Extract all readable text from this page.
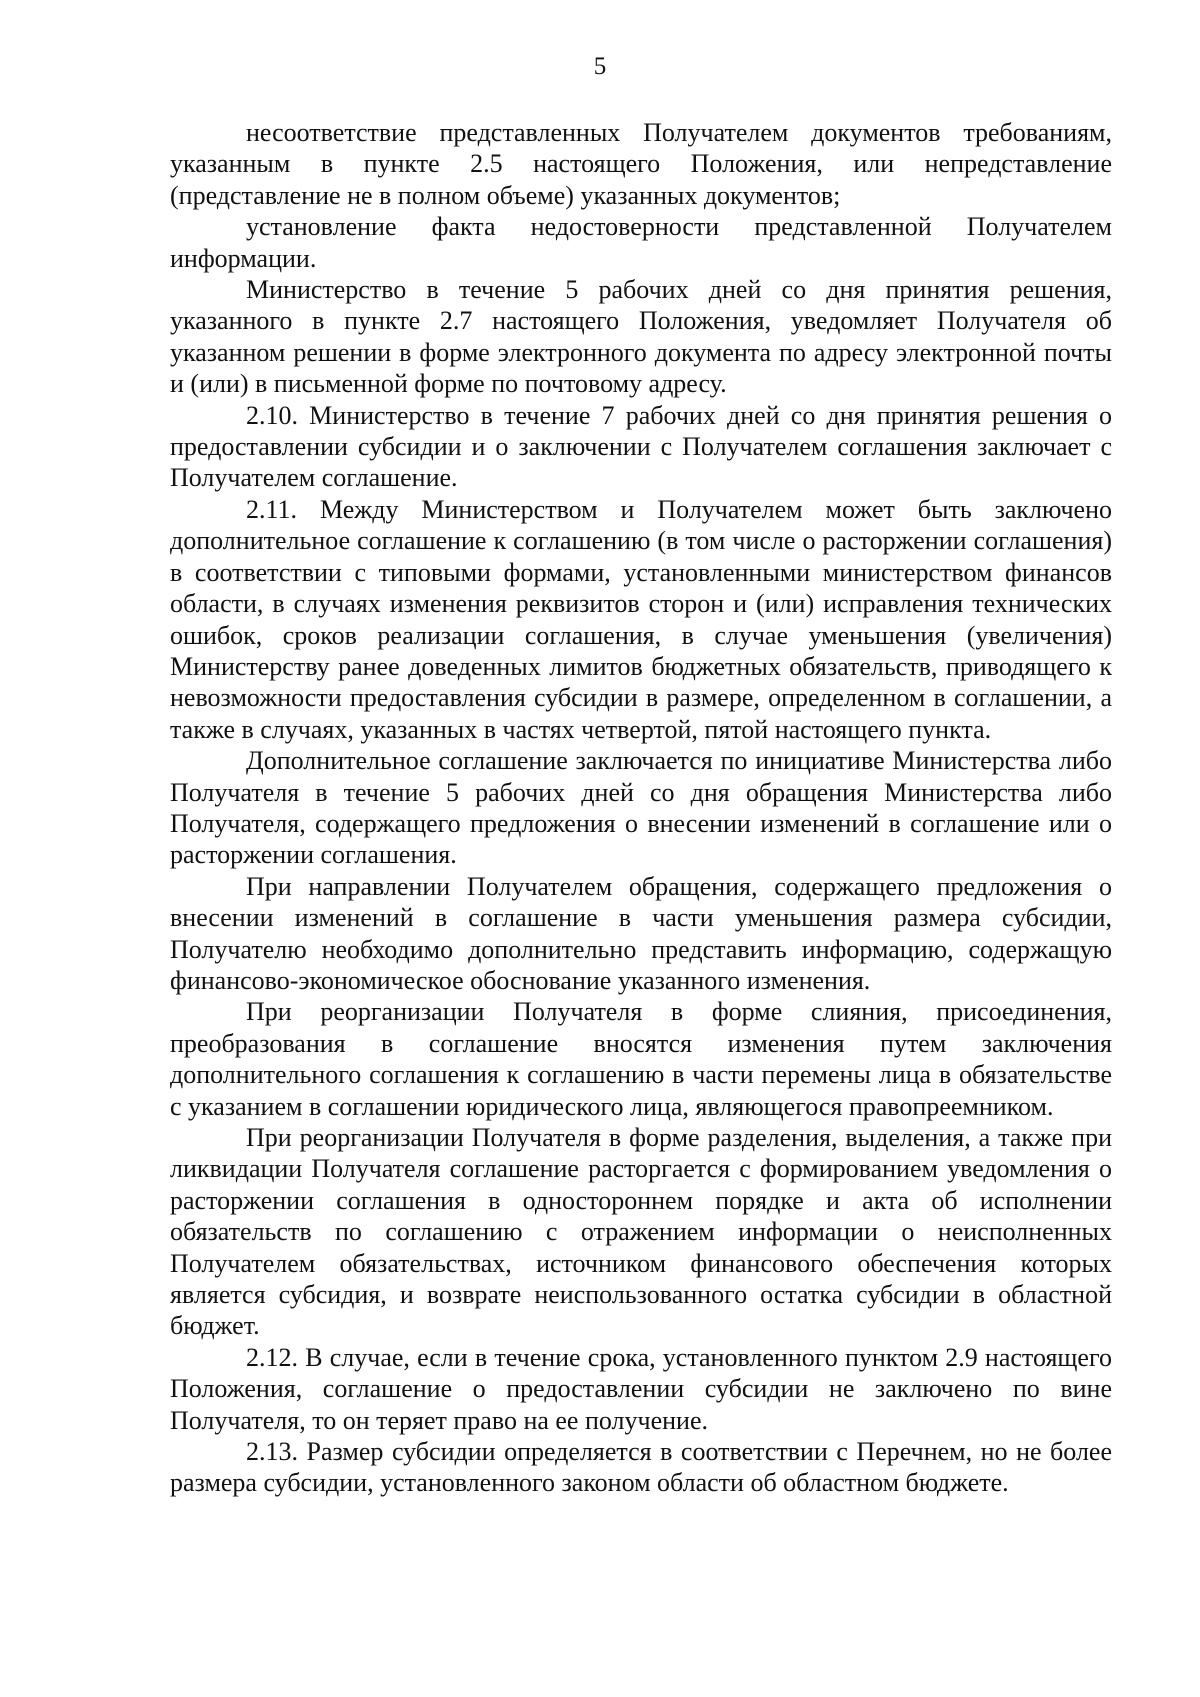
5

несоответствие представленных Получателем документов требованиям, указанным в пункте 2.5 настоящего Положения, или непредставление (представление не в полном объеме) указанных документов;

установление факта недостоверности представленной Получателем информации.

Министерство в течение 5 рабочих дней со дня принятия решения, указанного в пункте 2.7 настоящего Положения, уведомляет Получателя об указанном решении в форме электронного документа по адресу электронной почты и (или) в письменной форме по почтовому адресу.

2.10. Министерство в течение 7 рабочих дней со дня принятия решения о предоставлении субсидии и о заключении с Получателем соглашения заключает с Получателем соглашение.

2.11. Между Министерством и Получателем может быть заключено дополнительное соглашение к соглашению (в том числе о расторжении соглашения) в соответствии с типовыми формами, установленными министерством финансов области, в случаях изменения реквизитов сторон и (или) исправления технических ошибок, сроков реализации соглашения, в случае уменьшения (увеличения) Министерству ранее доведенных лимитов бюджетных обязательств, приводящего к невозможности предоставления субсидии в размере, определенном в соглашении, а также в случаях, указанных в частях четвертой, пятой настоящего пункта.

Дополнительное соглашение заключается по инициативе Министерства либо Получателя в течение 5 рабочих дней со дня обращения Министерства либо Получателя, содержащего предложения о внесении изменений в соглашение или о расторжении соглашения.

При направлении Получателем обращения, содержащего предложения о внесении изменений в соглашение в части уменьшения размера субсидии, Получателю необходимо дополнительно представить информацию, содержащую финансово-экономическое обоснование указанного изменения.

При реорганизации Получателя в форме слияния, присоединения, преобразования в соглашение вносятся изменения путем заключения дополнительного соглашения к соглашению в части перемены лица в обязательстве с указанием в соглашении юридического лица, являющегося правопреемником.

При реорганизации Получателя в форме разделения, выделения, а также при ликвидации Получателя соглашение расторгается с формированием уведомления о расторжении соглашения в одностороннем порядке и акта об исполнении обязательств по соглашению с отражением информации о неисполненных Получателем обязательствах, источником финансового обеспечения которых является субсидия, и возврате неиспользованного остатка субсидии в областной бюджет.

2.12. В случае, если в течение срока, установленного пунктом 2.9 настоящего Положения, соглашение о предоставлении субсидии не заключено по вине Получателя, то он теряет право на ее получение.

2.13. Размер субсидии определяется в соответствии с Перечнем, но не более размера субсидии, установленного законом области об областном бюджете.
